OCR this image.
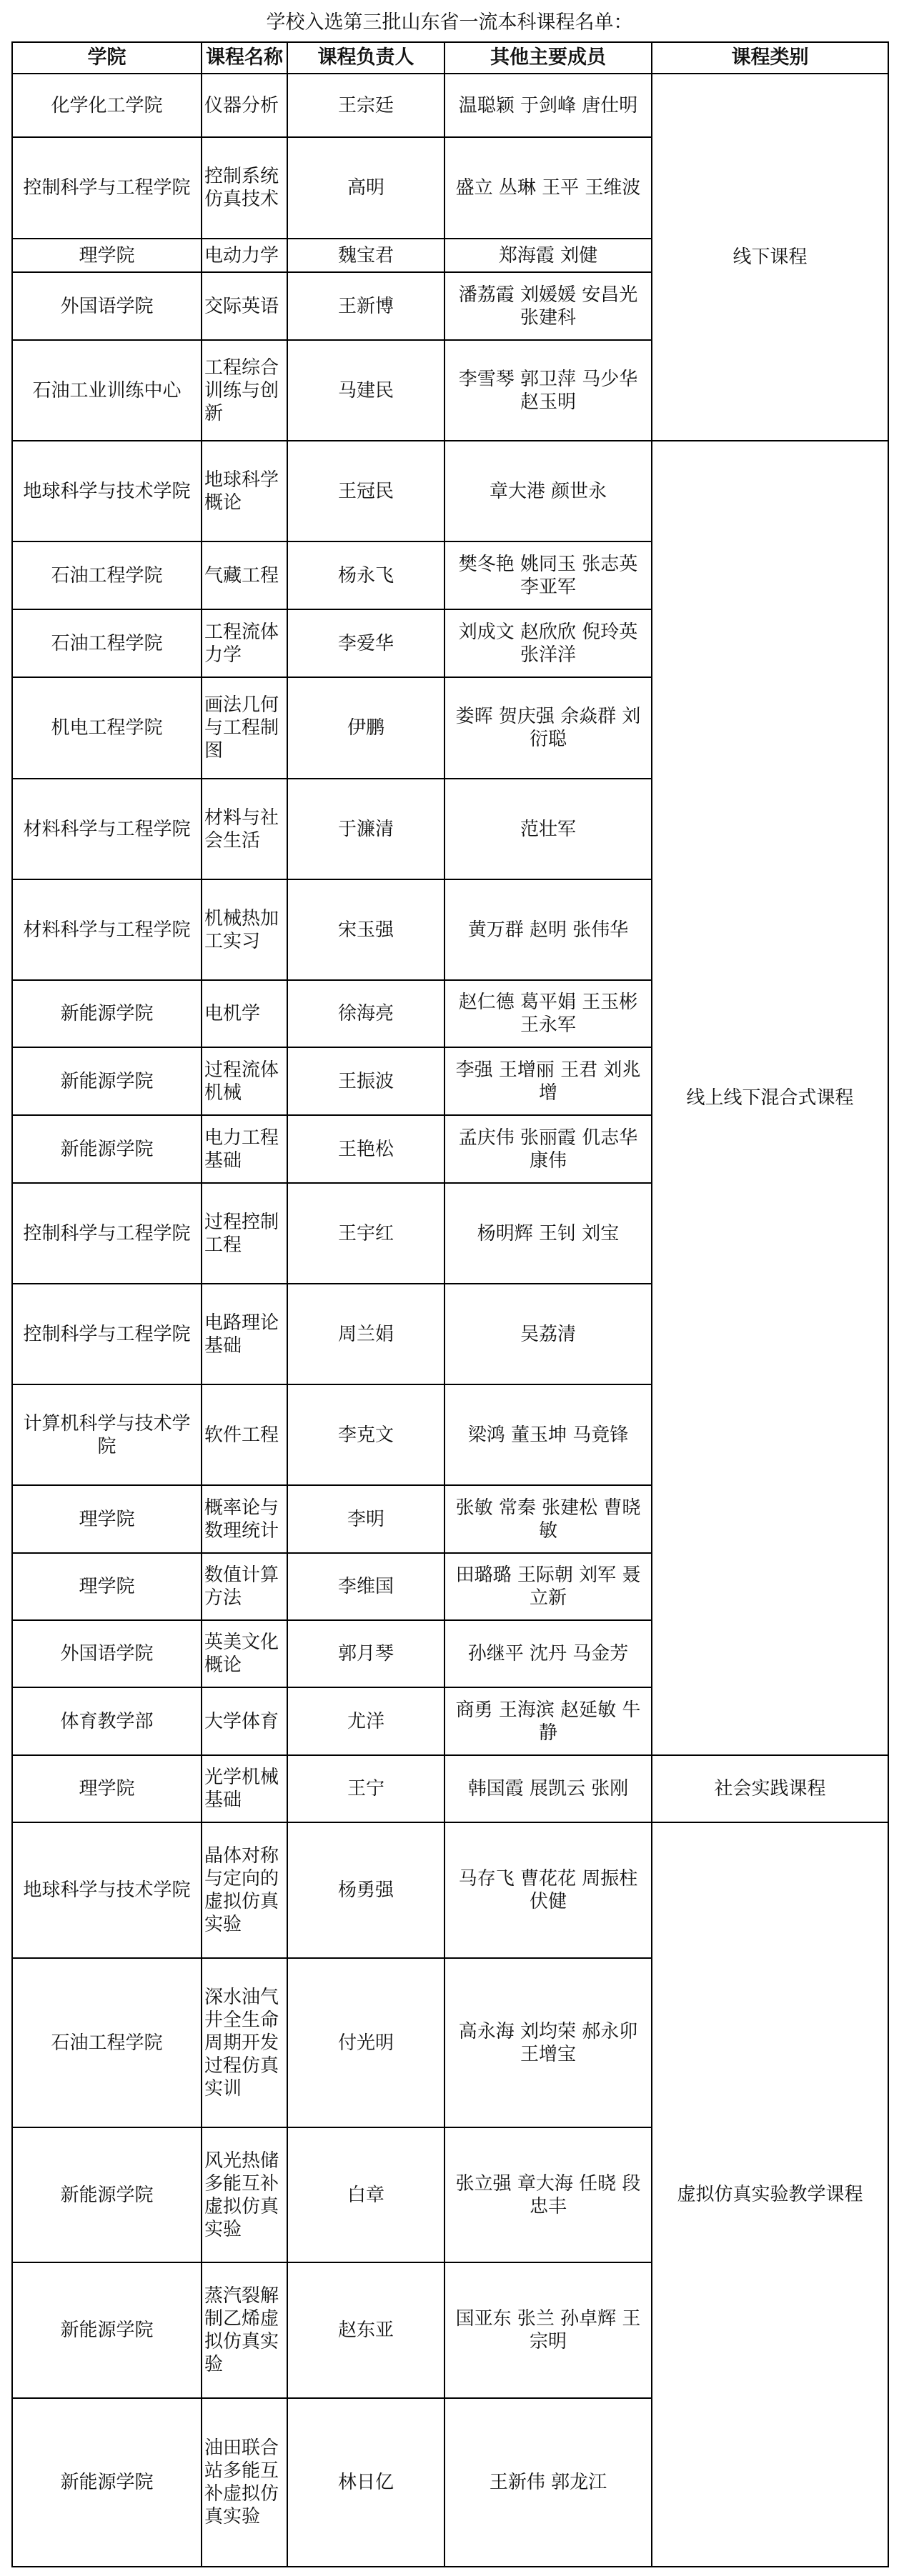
学校入选第三批山东省一流本科课程名单：
学院	课程名称	课程负责人	其他主要成员	课程类别
化学化工学院	仪器分析	王宗廷	温聪颖 于剑峰 唐仕明	线下课程
控制科学与工程学院	控制系统仿真技术	高明	盛立 丛琳 王平 王维波	
理学院	电动力学	魏宝君	郑海霞 刘健	
外国语学院	交际英语	王新博	潘荔霞 刘媛媛 安昌光 张建科	
石油工业训练中心	工程综合训练与创新	马建民	李雪琴 郭卫萍 马少华 赵玉明	
地球科学与技术学院	地球科学概论	王冠民	章大港 颜世永	线上线下混合式课程
石油工程学院	气藏工程	杨永飞	樊冬艳 姚同玉 张志英 李亚军	
石油工程学院	工程流体力学	李爱华	刘成文 赵欣欣 倪玲英 张洋洋	
机电工程学院	画法几何与工程制图	伊鹏	娄晖 贺庆强 余焱群 刘衍聪	
材料科学与工程学院	材料与社会生活	于濂清	范壮军	
材料科学与工程学院	机械热加工实习	宋玉强	黄万群 赵明 张伟华	
新能源学院	电机学	徐海亮	赵仁德 葛平娟 王玉彬 王永军	
新能源学院	过程流体机械	王振波	李强 王增丽 王君 刘兆增	
新能源学院	电力工程基础	王艳松	孟庆伟 张丽霞 仉志华 康伟	
控制科学与工程学院	过程控制工程	王宇红	杨明辉 王钊 刘宝	
控制科学与工程学院	电路理论基础	周兰娟	吴荔清	
计算机科学与技术学院	软件工程	李克文	梁鸿 董玉坤 马竟锋	
理学院	概率论与数理统计	李明	张敏 常秦 张建松 曹晓敏	
理学院	数值计算方法	李维国	田璐璐 王际朝 刘军 聂立新	
外国语学院	英美文化概论	郭月琴	孙继平 沈丹 马金芳	
体育教学部	大学体育	尤洋	商勇 王海滨 赵延敏 牛静	
理学院	光学机械基础	王宁	韩国霞 展凯云 张刚	社会实践课程
地球科学与技术学院	晶体对称与定向的虚拟仿真实验	杨勇强	马存飞 曹花花 周振柱 伏健	虚拟仿真实验教学课程
石油工程学院	深水油气井全生命周期开发过程仿真实训	付光明	高永海 刘均荣 郝永卯 王增宝	
新能源学院	风光热储多能互补虚拟仿真实验	白章	张立强 章大海 任晓 段忠丰	
新能源学院	蒸汽裂解制乙烯虚拟仿真实验	赵东亚	国亚东 张兰 孙卓辉 王宗明	
新能源学院	油田联合站多能互补虚拟仿真实验	林日亿	王新伟 郭龙江	
